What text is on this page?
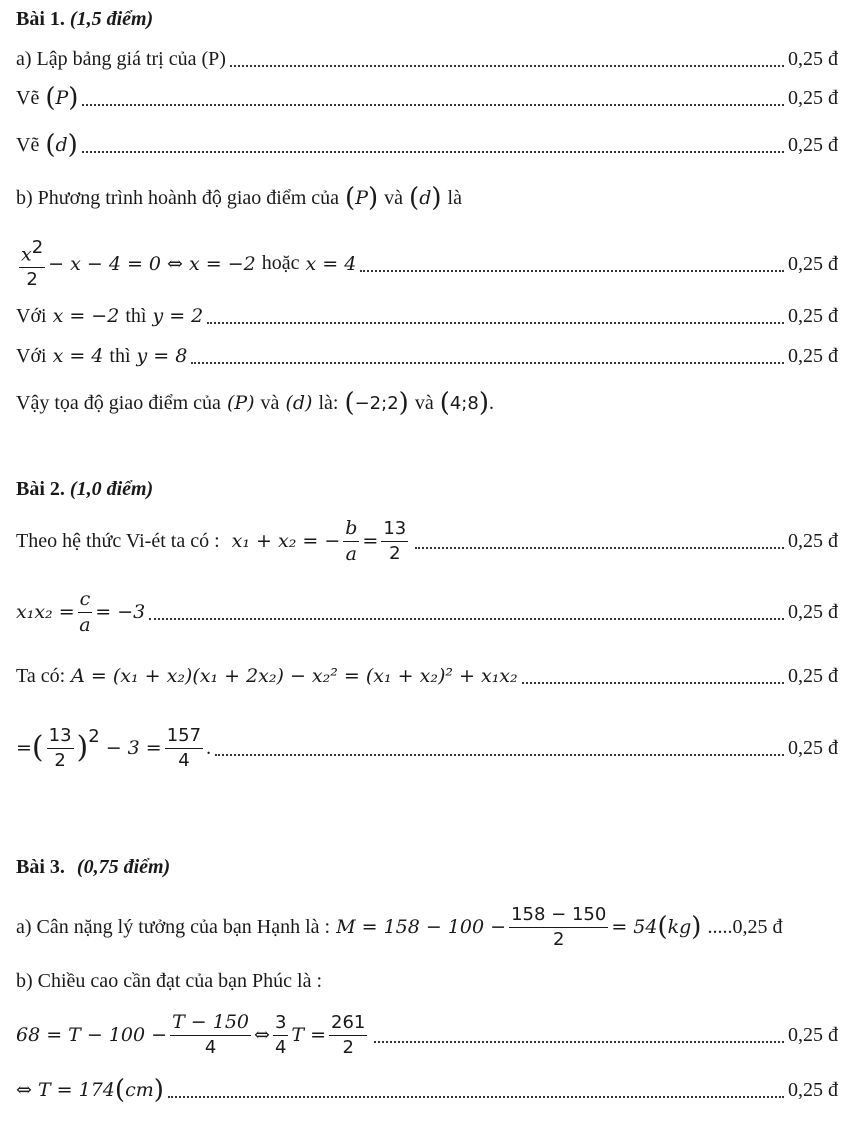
Bài 1. (1,5 điểm)
a) Lập bảng giá trị của (P)	0,25 đ
Vẽ ( P )	0,25 đ
Vẽ ( d )	0,25 đ
b) Phương trình hoành độ giao điểm của ( P ) và ( d ) là
$\frac{x^2}{2} - x - 4 = 0$ ⇔ x = −2 hoặc x = 4	0,25 đ
Với x = −2 thì y = 2	0,25 đ
Với x = 4 thì y = 8	0,25 đ
Vậy tọa độ giao điểm của (P) và (d) là: ( −2;2 ) và ( 4;8 ) .
Bài 2. (1,0 điểm)
Theo hệ thức Vi-ét ta có : x₁ + x₂ = − $\frac{b}{a} = \frac{13}{2}$	0,25 đ
$x_1x_2 = \frac{c}{a} = -3$	0,25 đ
Ta có: A = (x₁ + x₂)(x₁ + 2x₂) − x₂² = (x₁ + x₂)² + x₁x₂	0,25 đ
= ( $\frac{13}{2}$ ) 2
− $3 = \frac{157}{4}$ .	0,25 đ
Bài 3. (0,75 điểm)
a) Cân nặng lý tưởng của bạn Hạnh là : $M = 158 - 100 - \frac{158 - 150}{2} = 54$ ( kg ) ..... 0,25 đ
b) Chiều cao cần đạt của bạn Phúc là :
$68 = T - 100 - \frac{T - 150}{4}$ ⇔ $\frac{3}{4}$ $T = \frac{261}{2}$	0,25 đ
⇔ T = 174 ( cm )	0,25 đ
